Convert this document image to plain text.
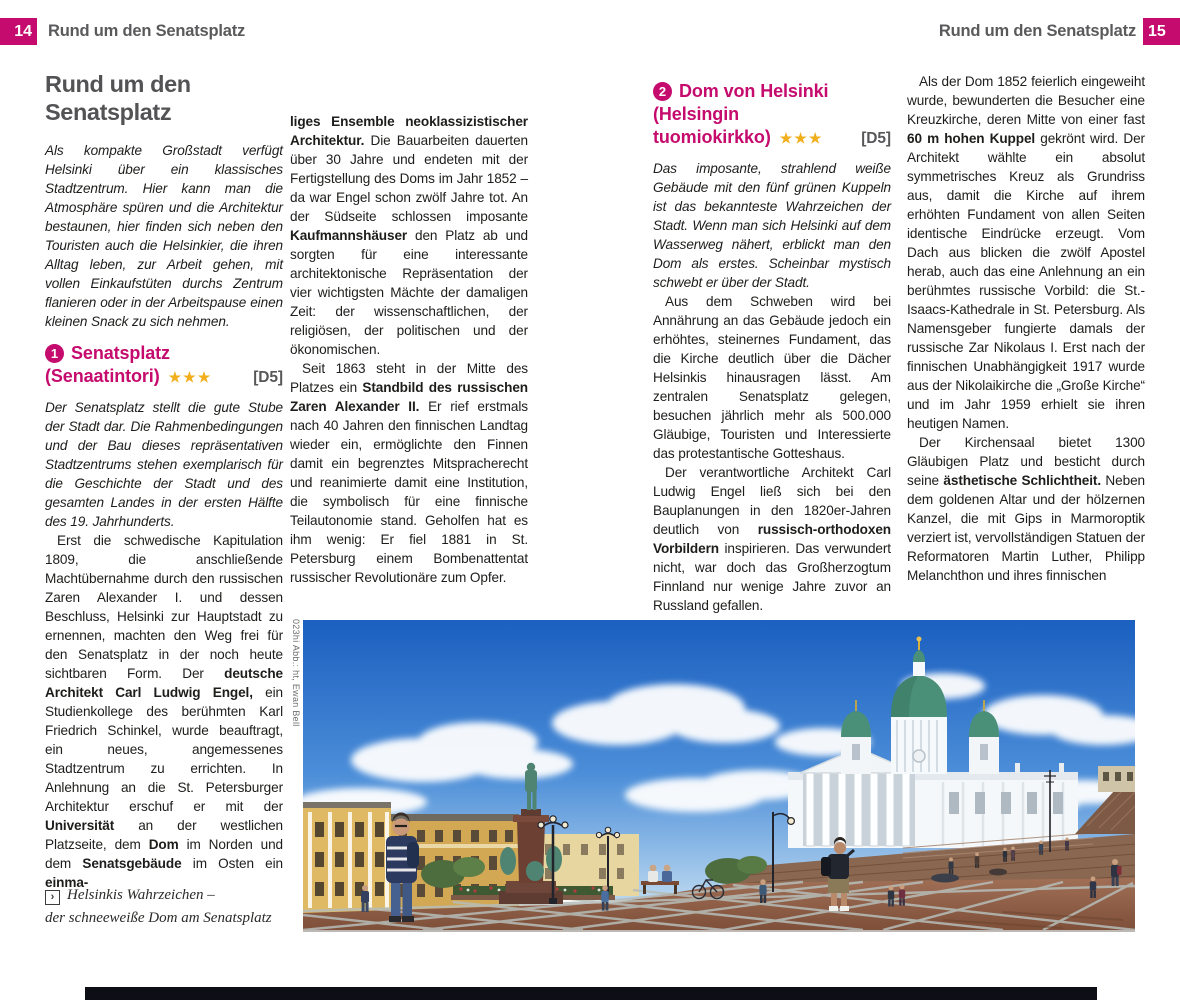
14 Rund um den Senatsplatz	Rund um den Senatsplatz 15
Rund um den Senatsplatz

Als kompakte Großstadt verfügt Helsinki über ein klassisches Stadtzentrum. Hier kann man die Atmosphäre spüren und die Architektur bestaunen, hier finden sich neben den Touristen auch die Helsinkier, die ihren Alltag leben, zur Arbeit gehen, mit vollen Einkaufstüten durchs Zentrum flanieren oder in der Arbeitspause einen kleinen Snack zu sich nehmen.

1 Senatsplatz
(Senaatintori) ★★★	[D5]

Der Senatsplatz stellt die gute Stube der Stadt dar. Die Rahmenbedingungen und der Bau dieses repräsentativen Stadtzentrums stehen exemplarisch für die Geschichte der Stadt und des gesamten Landes in der ersten Hälfte des 19. Jahrhunderts.

Erst die schwedische Kapitulation 1809, die anschließende Machtübernahme durch den russischen Zaren Alexander I. und dessen Beschluss, Helsinki zur Hauptstadt zu ernennen, machten den Weg frei für den Senatsplatz in der noch heute sichtbaren Form. Der deutsche Architekt Carl Ludwig Engel, ein Studienkollege des berühmten Karl Friedrich Schinkel, wurde beauftragt, ein neues, angemessenes Stadtzentrum zu errichten. In Anlehnung an die St. Petersburger Architektur erschuf er mit der Universität an der westlichen Platzseite, dem Dom im Norden und dem Senatsgebäude im Osten ein einma-

liges Ensemble neoklassizistischer Architektur. Die Bauarbeiten dauerten über 30 Jahre und endeten mit der Fertigstellung des Doms im Jahr 1852 – da war Engel schon zwölf Jahre tot. An der Südseite schlossen imposante Kaufmannshäuser den Platz ab und sorgten für eine interessante architektonische Repräsentation der vier wichtigsten Mächte der damaligen Zeit: der wissenschaftlichen, der religiösen, der politischen und der ökonomischen.

Seit 1863 steht in der Mitte des Platzes ein Standbild des russischen Zaren Alexander II. Er rief erstmals nach 40 Jahren den finnischen Landtag wieder ein, ermöglichte den Finnen damit ein begrenztes Mitspracherecht und reanimierte damit eine Institution, die symbolisch für eine finnische Teilautonomie stand. Geholfen hat es ihm wenig: Er fiel 1881 in St. Petersburg einem Bombenattentat russischer Revolutionäre zum Opfer.

2 Dom von Helsinki
(Helsingin
tuomiokirkko) ★★★ [D5]

Das imposante, strahlend weiße Gebäude mit den fünf grünen Kuppeln ist das bekannteste Wahrzeichen der Stadt. Wenn man sich Helsinki auf dem Wasserweg nähert, erblickt man den Dom als erstes. Scheinbar mystisch schwebt er über der Stadt.

Aus dem Schweben wird bei Annährung an das Gebäude jedoch ein erhöhtes, steinernes Fundament, das die Kirche deutlich über die Dächer Helsinkis hinausragen lässt. Am zentralen Senatsplatz gelegen, besuchen jährlich mehr als 500.000 Gläubige, Touristen und Interessierte das protestantische Gotteshaus.

Der verantwortliche Architekt Carl Ludwig Engel ließ sich bei den Bauplanungen in den 1820er-Jahren deutlich von russisch-orthodoxen Vorbildern inspirieren. Das verwundert nicht, war doch das Großherzogtum Finnland nur wenige Jahre zuvor an Russland gefallen.

Als der Dom 1852 feierlich eingeweiht wurde, bewunderten die Besucher eine Kreuzkirche, deren Mitte von einer fast 60 m hohen Kuppel gekrönt wird. Der Architekt wählte ein absolut symmetrisches Kreuz als Grundriss aus, damit die Kirche auf ihrem erhöhten Fundament von allen Seiten identische Eindrücke erzeugt. Vom Dach aus blicken die zwölf Apostel herab, auch das eine Anlehnung an ein berühmtes russische Vorbild: die St.-Isaacs-Kathedrale in St. Petersburg. Als Namensgeber fungierte damals der russische Zar Nikolaus I. Erst nach der finnischen Unabhängigkeit 1917 wurde aus der Nikolaikirche die „Große Kirche“ und im Jahr 1959 erhielt sie ihren heutigen Namen.

Der Kirchensaal bietet 1300 Gläubigen Platz und besticht durch seine ästhetische Schlichtheit. Neben dem goldenen Altar und der hölzernen Kanzel, die mit Gips in Marmoroptik verziert ist, vervollständigen Statuen der Reformatoren Martin Luther, Philipp Melanchthon und ihres finnischen

› Helsinkis Wahrzeichen –
der schneeweiße Dom am Senatsplatz
023hi Abb.: ht, Ewan Bell
